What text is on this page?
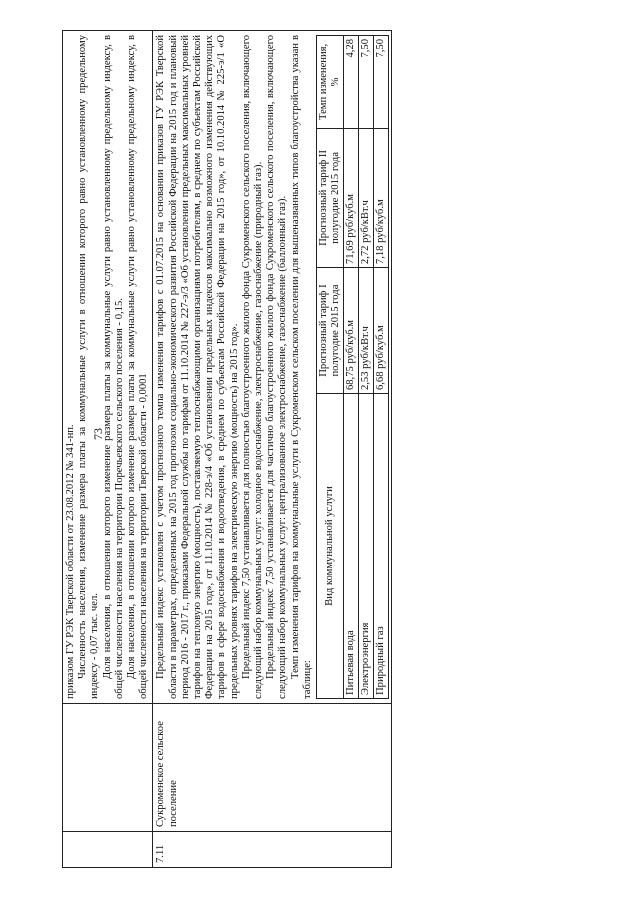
73

приказом ГУ РЭК Тверской области от 23.08.2012 № 341-нп. Численность населения, изменение размера платы за коммунальные услуги в отношении которого равно установленному предельному индексу - 0,07 тыс. чел. Доля населения, в отношении которого изменение размера платы за коммунальные услуги равно установленному предельному индексу, в общей численности населения на территории Поречьевского сельского поселения - 0,15. Доля населения, в отношении которого изменение размера платы за коммунальные услуги равно установленному предельному индексу, в общей численности населения на территории Тверской области - 0,0001

7.11	Сукроменское сельское поселение	

Предельный индекс установлен с учетом прогнозного темпа изменения тарифов с 01.07.2015 на основании приказов ГУ РЭК Тверской области в параметрах, определенных на 2015 год прогнозом социально-экономического развития Российской Федерации на 2015 год и плановый период 2016 - 2017 г., приказами Федеральной службы по тарифам от 11.10.2014 № 227-э/3 «Об установлении предельных максимальных уровней тарифов на тепловую энергию (мощность), поставляемую теплоснабжающими организациями потребителям, в среднем по субъектам Российской Федерации на 2015 год», от 11.10.2014 № 228-э/4 «Об установлении предельных индексов максимально возможного изменения действующих тарифов в сфере водоснабжения и водоотведения, в среднем по субъектам Российской Федерации на 2015 год», от 10.10.2014 № 225-э/1 «О предельных уровнях тарифов на электрическую энергию (мощность) на 2015 год». Предельный индекс 7,50 устанавливается для полностью благоустроенного жилого фонда Сукроменского сельского поселения, включающего следующий набор коммунальных услуг: холодное водоснабжение, электроснабжение, газоснабжение (природный газ). Предельный индекс 7,50 устанавливается для частично благоустроенного жилого фонда Сукроменского сельского поселения, включающего следующий набор коммунальных услуг: централизованное электроснабжение, газоснабжение (баллонный газ). Темп изменения тарифов на коммунальные услуги в Сукроменском сельском поселении для вышеназванных типов благоустройства указан в таблице:

Вид коммунальной услуги	Прогнозный тариф I полугодие 2015 года	Прогнозный тариф II полугодие 2015 года	Темп изменения, %
Питьевая вода	68,75 руб/куб.м	71,69 руб/куб.м	4,28
Электроэнергия	2,53 руб/кВт.ч	2,72 руб/кВт.ч	7,50
Природный газ	6,68 руб/куб.м	7,18 руб/куб.м	7,50
